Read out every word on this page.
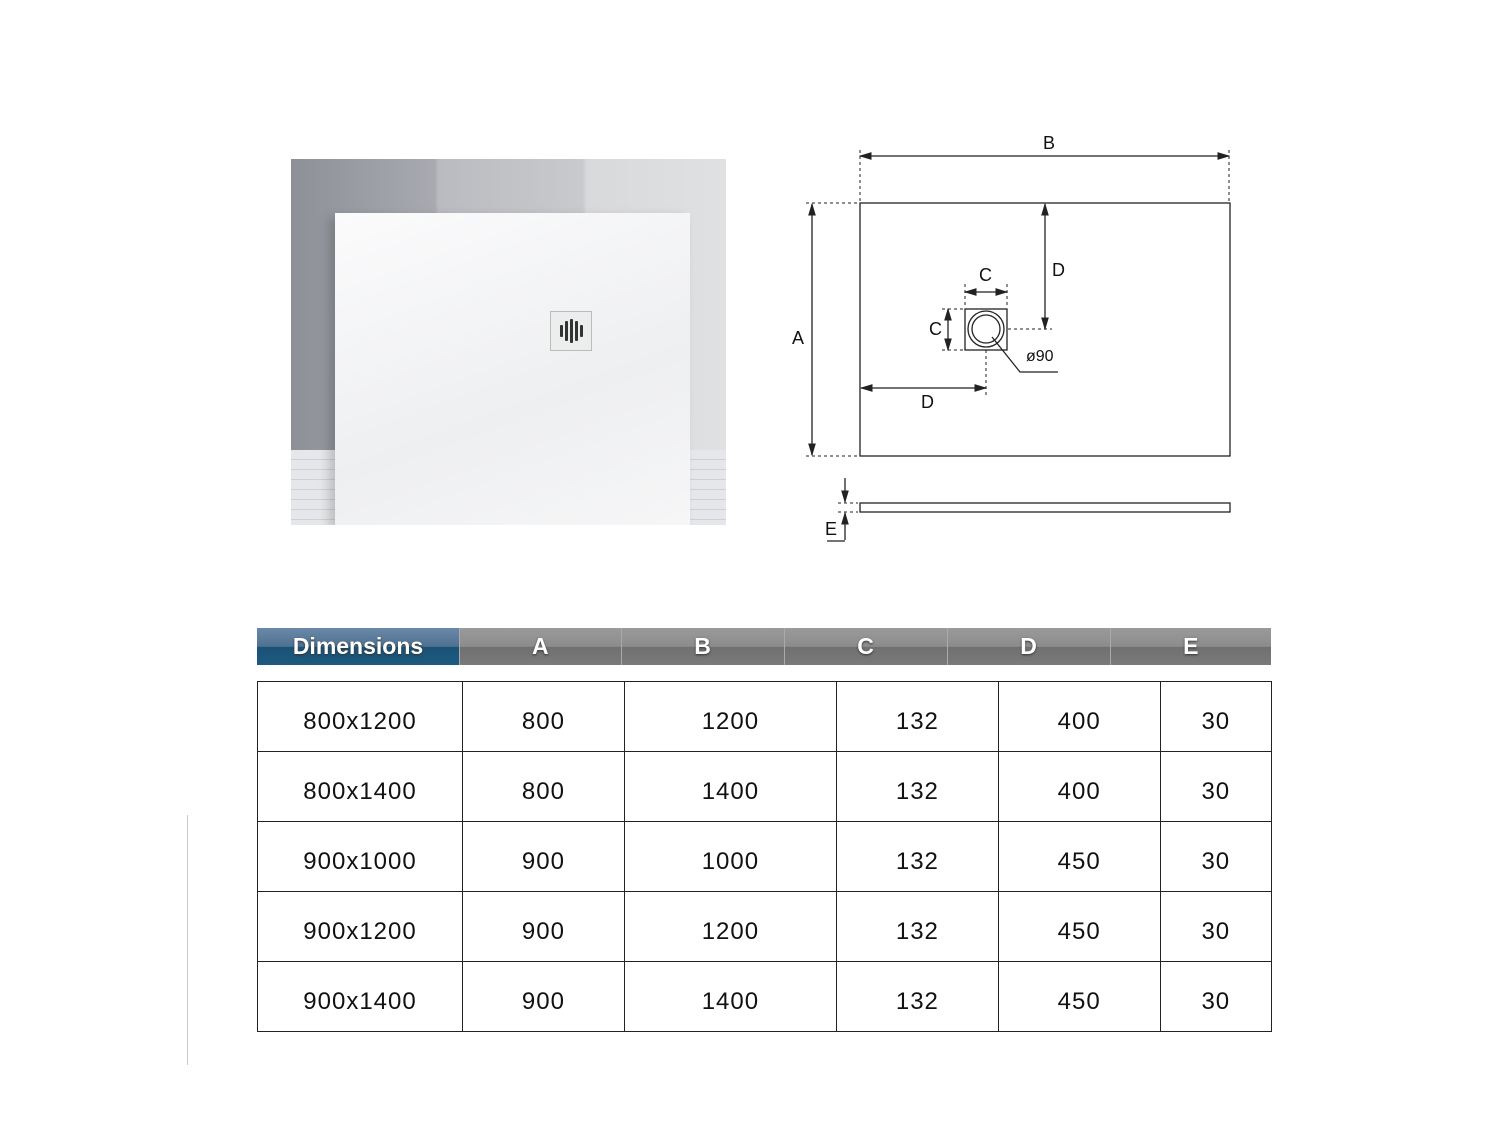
B
A
D
D
C
C
E
ø90
Dimensions	A	B	C	D	E
800x1200	800	1200	132	400	30
800x1400	800	1400	132	400	30
900x1000	900	1000	132	450	30
900x1200	900	1200	132	450	30
900x1400	900	1400	132	450	30
